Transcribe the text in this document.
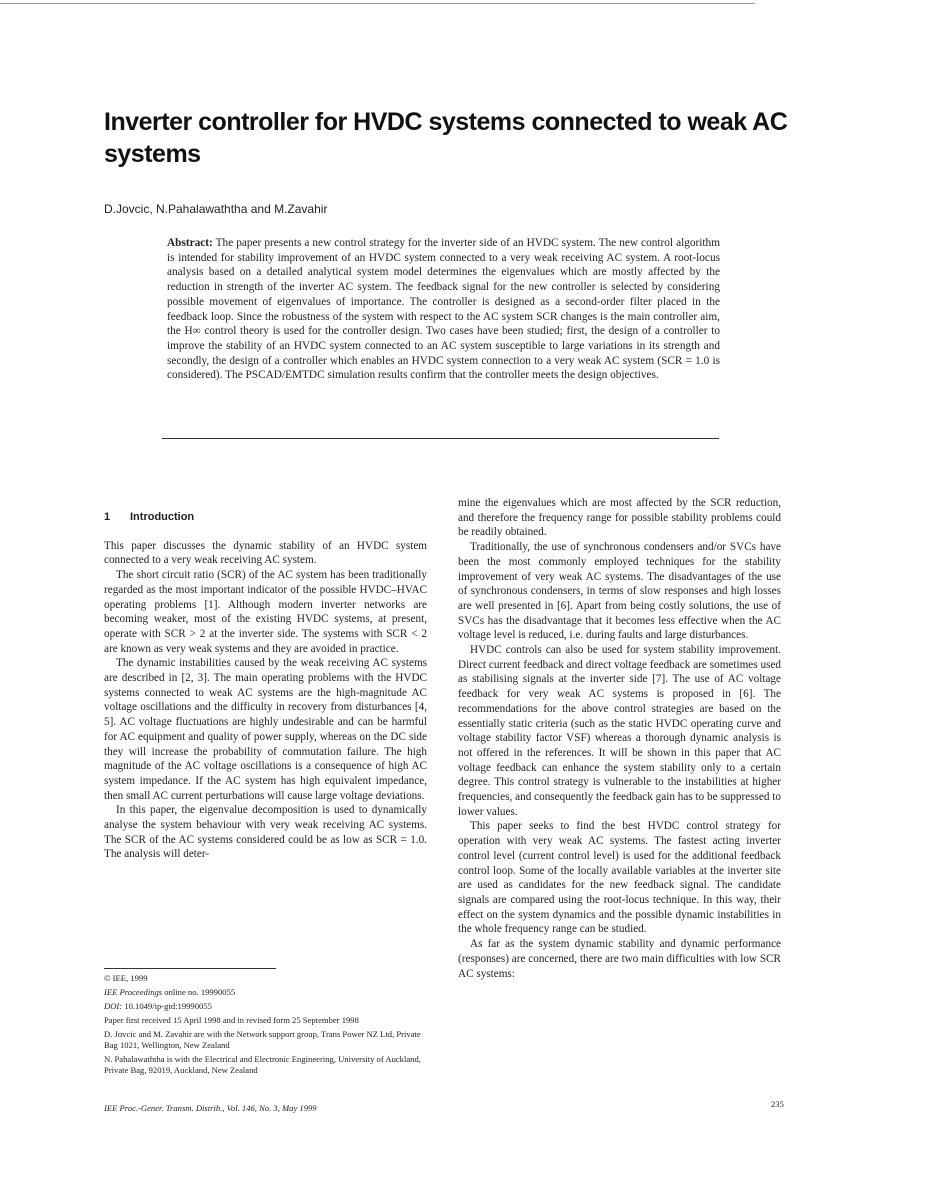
Inverter controller for HVDC systems connected to weak AC systems
D.Jovcic, N.Pahalawaththa and M.Zavahir

Abstract: The paper presents a new control strategy for the inverter side of an HVDC system. The new control algorithm is intended for stability improvement of an HVDC system connected to a very weak receiving AC system. A root-locus analysis based on a detailed analytical system model determines the eigenvalues which are mostly affected by the reduction in strength of the inverter AC system. The feedback signal for the new controller is selected by considering possible movement of eigenvalues of importance. The controller is designed as a second-order filter placed in the feedback loop. Since the robustness of the system with respect to the AC system SCR changes is the main controller aim, the H∞ control theory is used for the controller design. Two cases have been studied; first, the design of a controller to improve the stability of an HVDC system connected to an AC system susceptible to large variations in its strength and secondly, the design of a controller which enables an HVDC system connection to a very weak AC system (SCR = 1.0 is considered). The PSCAD/EMTDC simulation results confirm that the controller meets the design objectives.

1 Introduction

This paper discusses the dynamic stability of an HVDC system connected to a very weak receiving AC system.

The short circuit ratio (SCR) of the AC system has been traditionally regarded as the most important indicator of the possible HVDC–HVAC operating problems [1]. Although modern inverter networks are becoming weaker, most of the existing HVDC systems, at present, operate with SCR > 2 at the inverter side. The systems with SCR < 2 are known as very weak systems and they are avoided in practice.

The dynamic instabilities caused by the weak receiving AC systems are described in [2, 3]. The main operating problems with the HVDC systems connected to weak AC systems are the high-magnitude AC voltage oscillations and the difficulty in recovery from disturbances [4, 5]. AC voltage fluctuations are highly undesirable and can be harmful for AC equipment and quality of power supply, whereas on the DC side they will increase the probability of commutation failure. The high magnitude of the AC voltage oscillations is a consequence of high AC system impedance. If the AC system has high equivalent impedance, then small AC current perturbations will cause large voltage deviations.

In this paper, the eigenvalue decomposition is used to dynamically analyse the system behaviour with very weak receiving AC systems. The SCR of the AC systems considered could be as low as SCR = 1.0. The analysis will deter-

mine the eigenvalues which are most affected by the SCR reduction, and therefore the frequency range for possible stability problems could be readily obtained.

Traditionally, the use of synchronous condensers and/or SVCs have been the most commonly employed techniques for the stability improvement of very weak AC systems. The disadvantages of the use of synchronous condensers, in terms of slow responses and high losses are well presented in [6]. Apart from being costly solutions, the use of SVCs has the disadvantage that it becomes less effective when the AC voltage level is reduced, i.e. during faults and large disturbances.

HVDC controls can also be used for system stability improvement. Direct current feedback and direct voltage feedback are sometimes used as stabilising signals at the inverter side [7]. The use of AC voltage feedback for very weak AC systems is proposed in [6]. The recommendations for the above control strategies are based on the essentially static criteria (such as the static HVDC operating curve and voltage stability factor VSF) whereas a thorough dynamic analysis is not offered in the references. It will be shown in this paper that AC voltage feedback can enhance the system stability only to a certain degree. This control strategy is vulnerable to the instabilities at higher frequencies, and consequently the feedback gain has to be suppressed to lower values.

This paper seeks to find the best HVDC control strategy for operation with very weak AC systems. The fastest acting inverter control level (current control level) is used for the additional feedback control loop. Some of the locally available variables at the inverter site are used as candidates for the new feedback signal. The candidate signals are compared using the root-locus technique. In this way, their effect on the system dynamics and the possible dynamic instabilities in the whole frequency range can be studied.

As far as the system dynamic stability and dynamic performance (responses) are concerned, there are two main difficulties with low SCR AC systems:

© IEE, 1999
IEE Proceedings online no. 19990055
DOI: 10.1049/ip-gtd:19990055
Paper first received 15 April 1998 and in revised form 25 September 1998
D. Jovcic and M. Zavahir are with the Network support group, Trans Power NZ Ltd, Private Bag 1021, Wellington, New Zealand
N. Pahalawaththa is with the Electrical and Electronic Engineering, University of Auckland, Private Bag, 92019, Auckland, New Zealand
IEE Proc.-Gener. Transm. Distrib., Vol. 146, No. 3, May 1999	235
